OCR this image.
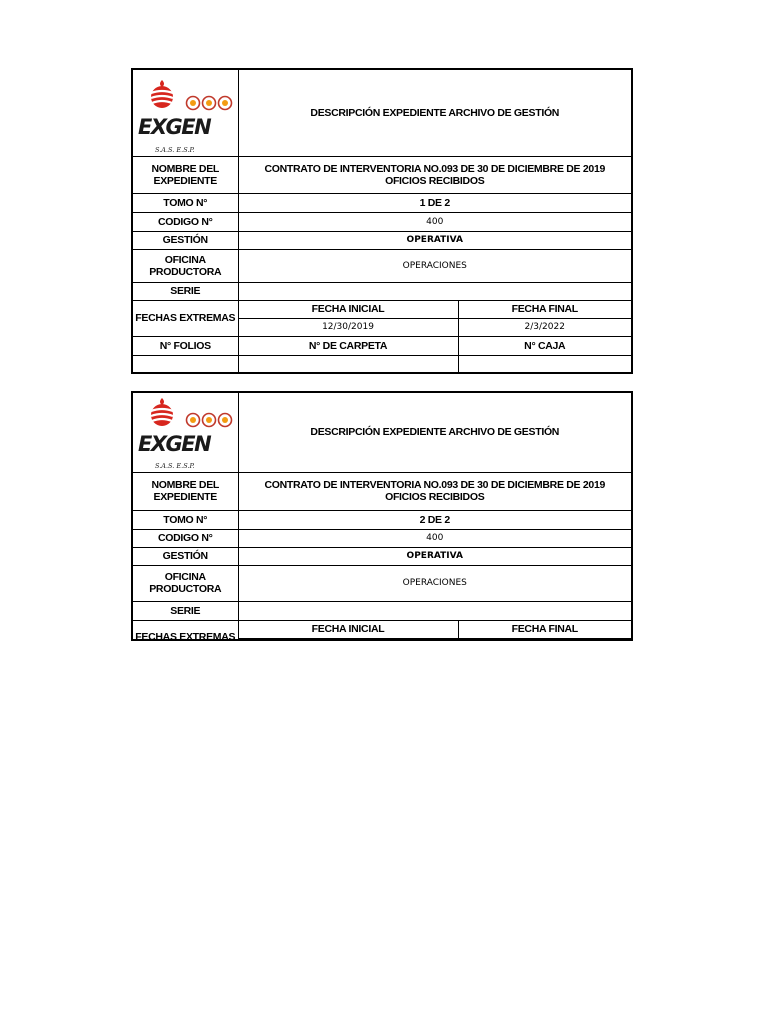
EXGEN
S.A.S. E.S.P.	DESCRIPCIÓN EXPEDIENTE ARCHIVO DE GESTIÓN	
NOMBRE DEL EXPEDIENTE	CONTRATO DE INTERVENTORIA NO.093 DE 30 DE DICIEMBRE DE 2019
OFICIOS RECIBIDOS	

TOMO N°	1 DE 2	
CODIGO N°	400	
GESTIÓN	OPERATIVA	
OFICINA PRODUCTORA	OPERACIONES	
SERIE		
FECHAS EXTREMAS	FECHA INICIAL	FECHA FINAL
	12/30/2019	2/3/2022
N° FOLIOS	N° DE CARPETA	N° CAJA

EXGEN
S.A.S. E.S.P.	DESCRIPCIÓN EXPEDIENTE ARCHIVO DE GESTIÓN	
NOMBRE DEL EXPEDIENTE	CONTRATO DE INTERVENTORIA NO.093 DE 30 DE DICIEMBRE DE 2019
OFICIOS RECIBIDOS	

TOMO N°	2 DE 2	
CODIGO N°	400	
GESTIÓN	OPERATIVA	
OFICINA PRODUCTORA	OPERACIONES	
SERIE		
FECHAS EXTREMAS	FECHA INICIAL	FECHA FINAL
